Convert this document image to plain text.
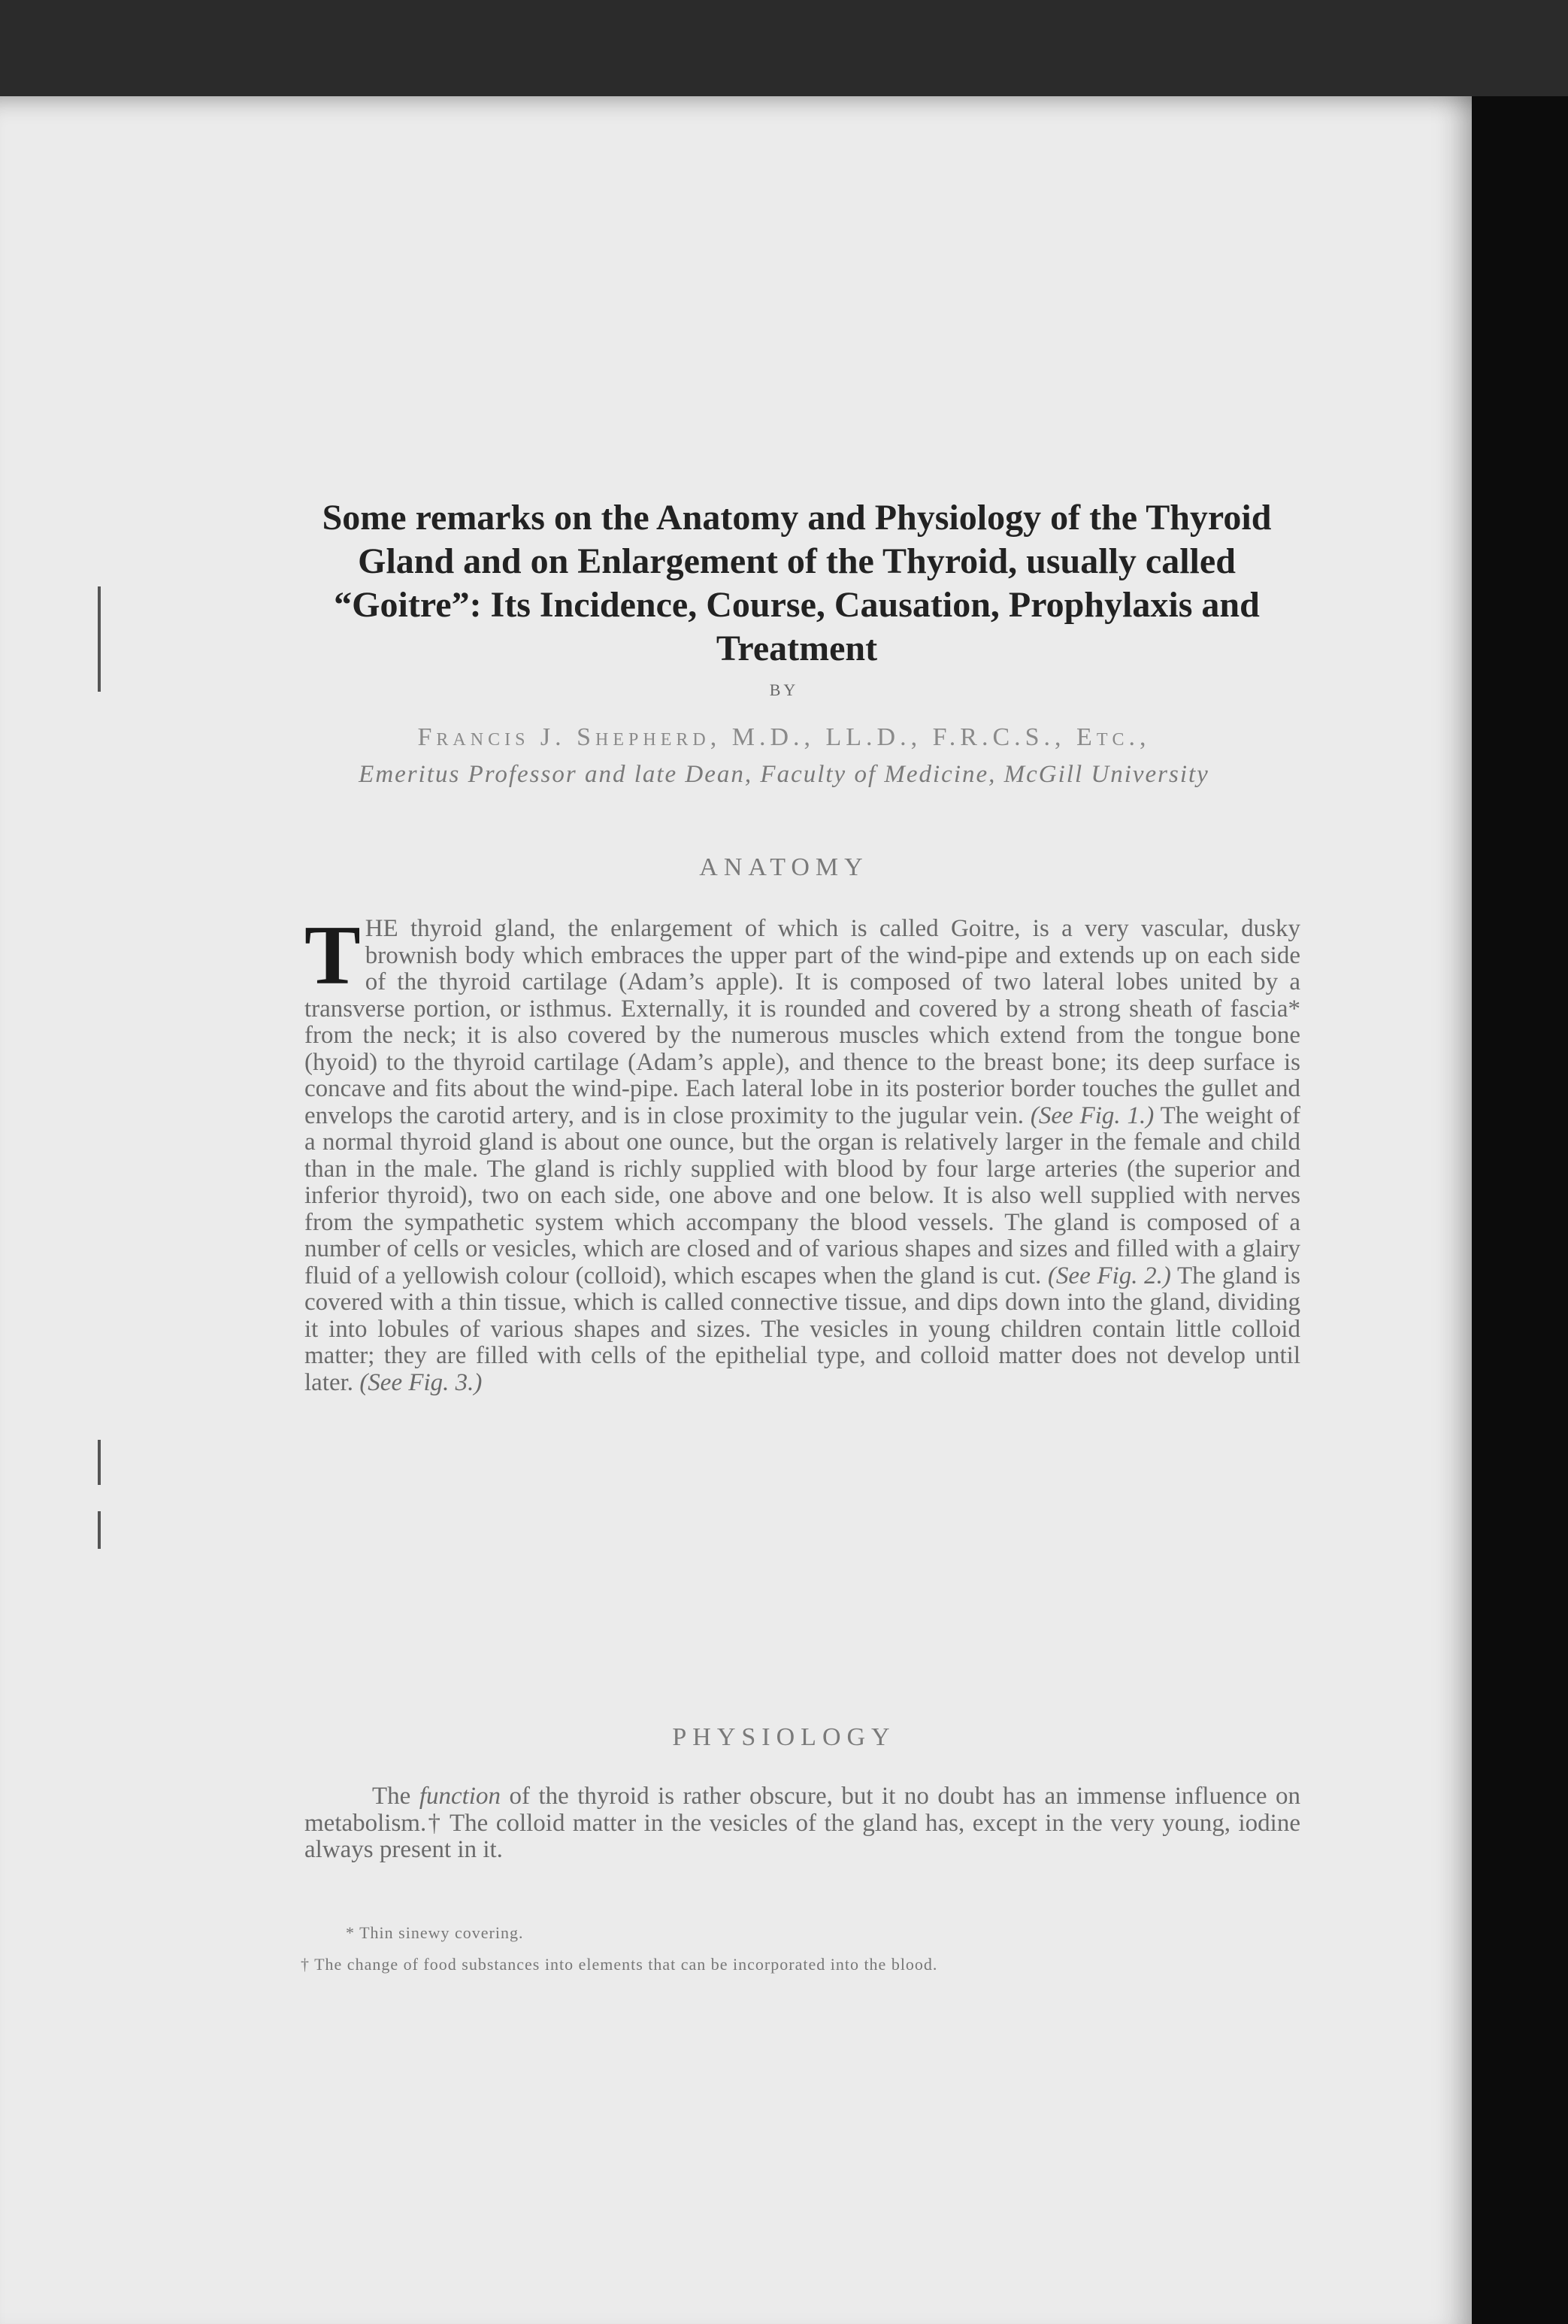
Some remarks on the Anatomy and Physiology of the Thyroid Gland and on Enlargement of the Thyroid, usually called “Goitre”: Its Incidence, Course, Causation, Prophylaxis and Treatment
BY
Francis J. Shepherd, M.D., LL.D., F.R.C.S., Etc.,
Emeritus Professor and late Dean, Faculty of Medicine, McGill University
ANATOMY
THE thyroid gland, the enlargement of which is called Goitre, is a very vascular, dusky brownish body which embraces the upper part of the wind-pipe and extends up on each side of the thyroid cartilage (Adam’s apple). It is composed of two lateral lobes united by a transverse portion, or isthmus. Externally, it is rounded and covered by a strong sheath of fascia* from the neck; it is also covered by the numerous muscles which extend from the tongue bone (hyoid) to the thyroid cartilage (Adam’s apple), and thence to the breast bone; its deep surface is concave and fits about the wind-pipe. Each lateral lobe in its posterior border touches the gullet and envelops the carotid artery, and is in close proximity to the jugular vein. (See Fig. 1.) The weight of a normal thyroid gland is about one ounce, but the organ is relatively larger in the female and child than in the male. The gland is richly supplied with blood by four large arteries (the superior and inferior thyroid), two on each side, one above and one below. It is also well supplied with nerves from the sympathetic system which accompany the blood vessels. The gland is composed of a number of cells or vesicles, which are closed and of various shapes and sizes and filled with a glairy fluid of a yellowish colour (colloid), which escapes when the gland is cut. (See Fig. 2.) The gland is covered with a thin tissue, which is called connective tissue, and dips down into the gland, dividing it into lobules of various shapes and sizes. The vesicles in young children contain little colloid matter; they are filled with cells of the epithelial type, and colloid matter does not develop until later. (See Fig. 3.)
PHYSIOLOGY
The function of the thyroid is rather obscure, but it no doubt has an immense influence on metabolism.† The colloid matter in the vesicles of the gland has, except in the very young, iodine always present in it.
* Thin sinewy covering.
† The change of food substances into elements that can be incorporated into the blood.
